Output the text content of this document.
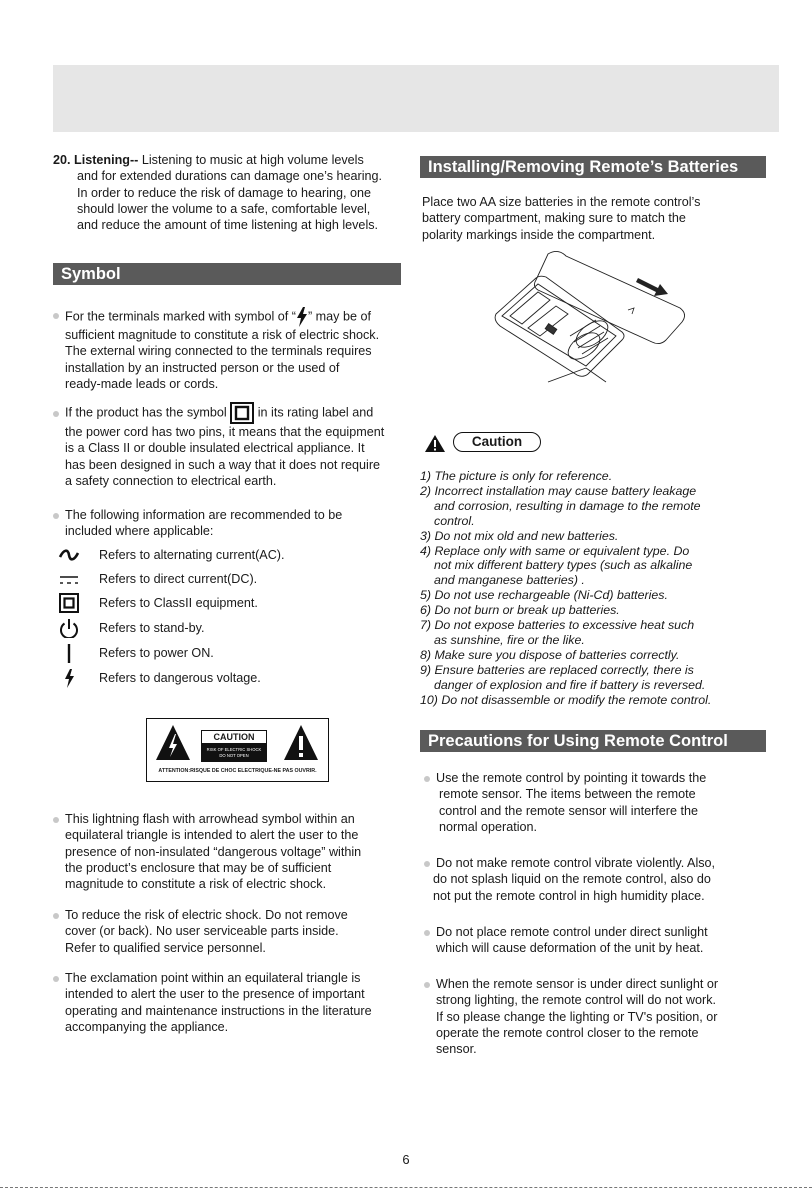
20. Listening-- Listening to music at high volume levels

and for extended durations can damage one’s hearing.

In order to reduce the risk of damage to hearing, one

should lower the volume to a safe, comfortable level,

and reduce the amount of time listening at high levels.

Symbol
For the terminals marked with symbol of “ ” may be of
sufficient magnitude to constitute a risk of electric shock.
The external wiring connected to the terminals requires
installation by an instructed person or the used of
ready-made leads or cords.
If the product has the symbol in its rating label and
the power cord has two pins, it means that the equipment
is a Class II or double insulated electrical appliance. It
has been designed in such a way that it does not require
a safety connection to electrical earth.
The following information are recommended to be
included where applicable:
Refers to alternating current(AC).
Refers to direct current(DC).
Refers to ClassII equipment.
Refers to stand-by.
Refers to power ON.
Refers to dangerous voltage.
CAUTION
RISK OF ELECTRIC SHOCK
DO NOT OPEN
ATTENTION:RISQUE DE CHOC ELECTRIQUE-NE PAS OUVRIR.
This lightning flash with arrowhead symbol within an
equilateral triangle is intended to alert the user to the
presence of non-insulated “dangerous voltage” within
the product’s enclosure that may be of sufficient
magnitude to constitute a risk of electric shock.
To reduce the risk of electric shock. Do not remove
cover (or back). No user serviceable parts inside.
Refer to qualified service personnel.
The exclamation point within an equilateral triangle is
intended to alert the user to the presence of important
operating and maintenance instructions in the literature
accompanying the appliance.
Installing/Removing Remote’s Batteries

Place two AA size batteries in the remote control’s

battery compartment, making sure to match the

polarity markings inside the compartment.

Caution
1) The picture is only for reference.
2) Incorrect installation may cause battery leakage
and corrosion, resulting in damage to the remote
control.
3) Do not mix old and new batteries.
4) Replace only with same or equivalent type. Do
not mix different battery types (such as alkaline
and manganese batteries) .
5) Do not use rechargeable (Ni-Cd) batteries.
6) Do not burn or break up batteries.
7) Do not expose batteries to excessive heat such
as sunshine, fire or the like.
8) Make sure you dispose of batteries correctly.
9) Ensure batteries are replaced correctly, there is
danger of explosion and fire if battery is reversed.
10) Do not disassemble or modify the remote control.
Precautions for Using Remote Control
Use the remote control by pointing it towards the
remote sensor. The items between the remote
control and the remote sensor will interfere the
normal operation.
Do not make remote control vibrate violently. Also,
do not splash liquid on the remote control, also do
not put the remote control in high humidity place.
Do not place remote control under direct sunlight
which will cause deformation of the unit by heat.
When the remote sensor is under direct sunlight or
strong lighting, the remote control will do not work.
If so please change the lighting or TV's position, or
operate the remote control closer to the remote
sensor.
6
